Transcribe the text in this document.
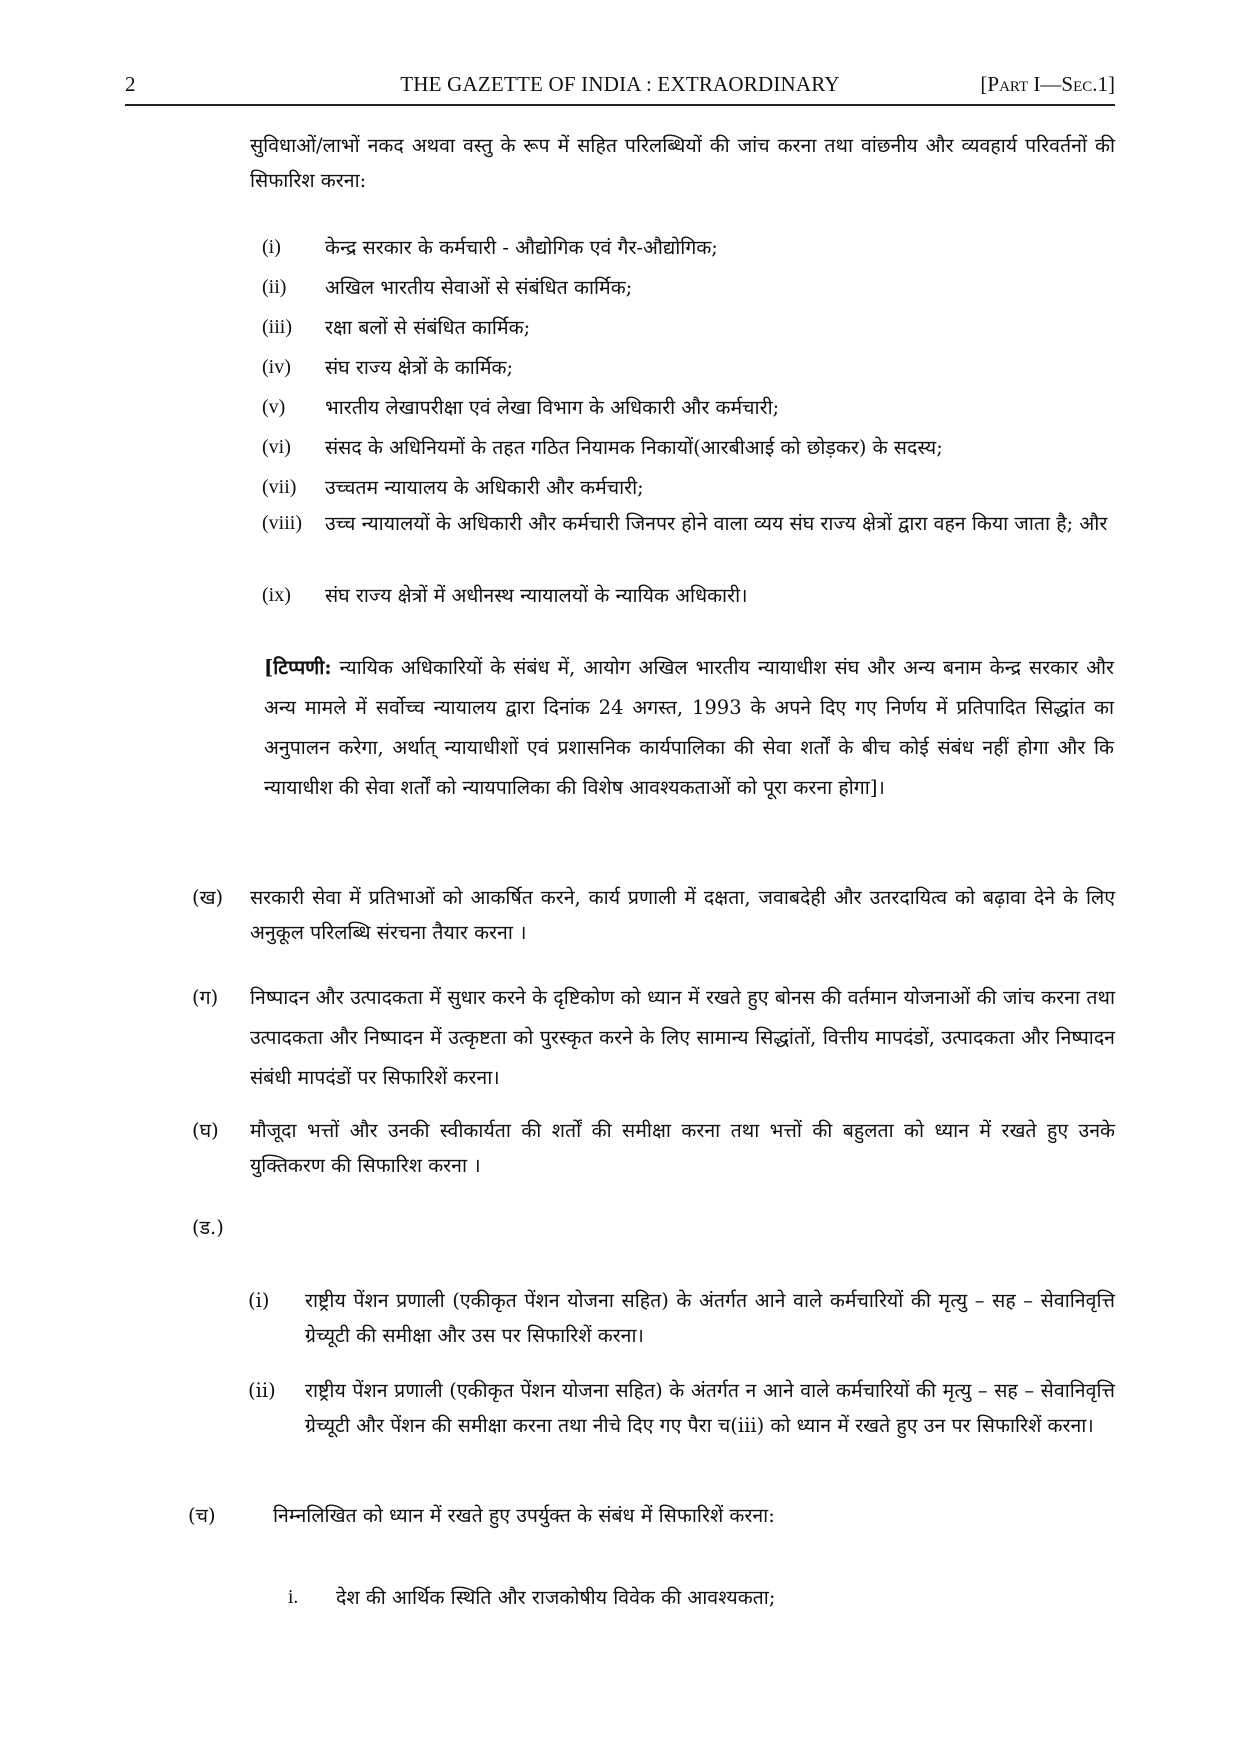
2	THE GAZETTE OF INDIA : EXTRAORDINARY	[Part I—Sec.1]
सुविधाओं/लाभों नकद अथवा वस्तु के रूप में सहित परिलब्धियों की जांच करना तथा वांछनीय और व्यवहार्य परिवर्तनों की सिफारिश करना:
(i) केन्द्र सरकार के कर्मचारी - औद्योगिक एवं गैर-औद्योगिक;
(ii) अखिल भारतीय सेवाओं से संबंधित कार्मिक;
(iii) रक्षा बलों से संबंधित कार्मिक;
(iv) संघ राज्य क्षेत्रों के कार्मिक;
(v) भारतीय लेखापरीक्षा एवं लेखा विभाग के अधिकारी और कर्मचारी;
(vi) संसद के अधिनियमों के तहत गठित नियामक निकायों(आरबीआई को छोड़कर) के सदस्य;
(vii) उच्चतम न्यायालय के अधिकारी और कर्मचारी;
(viii) उच्च न्यायालयों के अधिकारी और कर्मचारी जिनपर होने वाला व्यय संघ राज्य क्षेत्रों द्वारा वहन किया जाता है; और
(ix) संघ राज्य क्षेत्रों में अधीनस्थ न्यायालयों के न्यायिक अधिकारी।
[टिप्पणी: न्यायिक अधिकारियों के संबंध में, आयोग अखिल भारतीय न्यायाधीश संघ और अन्य बनाम केन्द्र सरकार और अन्य मामले में सर्वोच्च न्यायालय द्वारा दिनांक 24 अगस्त, 1993 के अपने दिए गए निर्णय में प्रतिपादित सिद्धांत का अनुपालन करेगा, अर्थात् न्यायाधीशों एवं प्रशासनिक कार्यपालिका की सेवा शर्तों के बीच कोई संबंध नहीं होगा और कि न्यायाधीश की सेवा शर्तों को न्यायपालिका की विशेष आवश्यकताओं को पूरा करना होगा]।
(ख) सरकारी सेवा में प्रतिभाओं को आकर्षित करने, कार्य प्रणाली में दक्षता, जवाबदेही और उतरदायित्व को बढ़ावा देने के लिए अनुकूल परिलब्धि संरचना तैयार करना ।
(ग) निष्पादन और उत्पादकता में सुधार करने के दृष्टिकोण को ध्यान में रखते हुए बोनस की वर्तमान योजनाओं की जांच करना तथा उत्पादकता और निष्पादन में उत्कृष्टता को पुरस्कृत करने के लिए सामान्य सिद्धांतों, वित्तीय मापदंडों, उत्पादकता और निष्पादन संबंधी मापदंडों पर सिफारिशें करना।
(घ) मौजूदा भत्तों और उनकी स्वीकार्यता की शर्तों की समीक्षा करना तथा भत्तों की बहुलता को ध्यान में रखते हुए उनके युक्तिकरण की सिफारिश करना ।
(ड.)
(i) राष्ट्रीय पेंशन प्रणाली (एकीकृत पेंशन योजना सहित) के अंतर्गत आने वाले कर्मचारियों की मृत्यु – सह – सेवानिवृत्ति ग्रेच्यूटी की समीक्षा और उस पर सिफारिशें करना।
(ii) राष्ट्रीय पेंशन प्रणाली (एकीकृत पेंशन योजना सहित) के अंतर्गत न आने वाले कर्मचारियों की मृत्यु – सह – सेवानिवृत्ति ग्रेच्यूटी और पेंशन की समीक्षा करना तथा नीचे दिए गए पैरा च(iii) को ध्यान में रखते हुए उन पर सिफारिशें करना।
(च)	निम्नलिखित को ध्यान में रखते हुए उपर्युक्त के संबंध में सिफारिशें करना:
i. देश की आर्थिक स्थिति और राजकोषीय विवेक की आवश्यकता;
